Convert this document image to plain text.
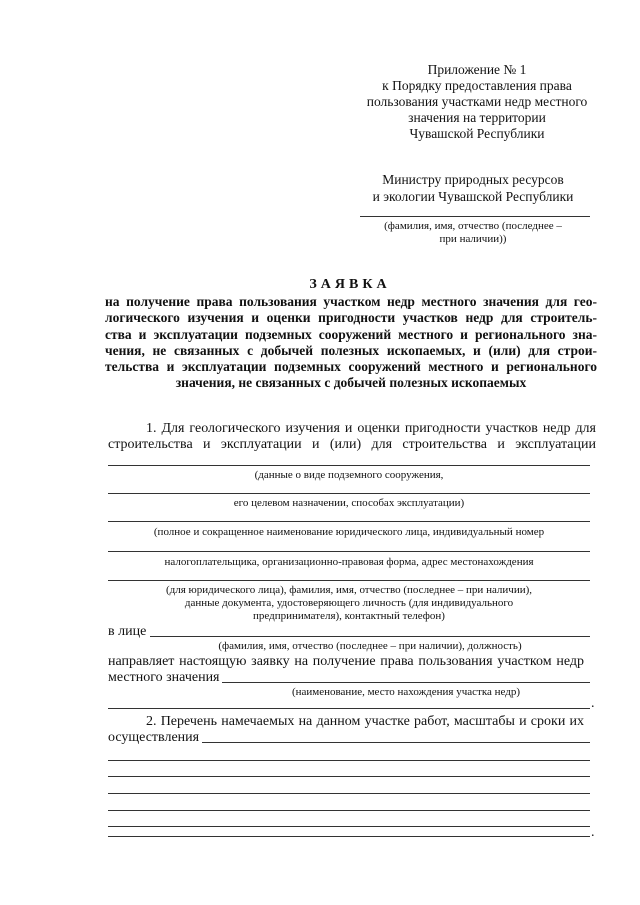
Приложение № 1
к Порядку предоставления права
пользования участками недр местного
значения на территории
Чувашской Республики
Министру природных ресурсов
и экологии Чувашской Республики
(фамилия, имя, отчество (последнее –
при наличии))
ЗАЯВКА
на получение права пользования участком недр местного значения для гео-
логического изучения и оценки пригодности участков недр для строитель-
ства и эксплуатации подземных сооружений местного и регионального зна-
чения, не связанных с добычей полезных ископаемых, и (или) для строи-
тельства и эксплуатации подземных сооружений местного и регионального
значения, не связанных с добычей полезных ископаемых
1. Для геологического изучения и оценки пригодности участков недр для
строительства и эксплуатации и (или) для строительства и эксплуатации
(данные о виде подземного сооружения,
его целевом назначении, способах эксплуатации)
(полное и сокращенное наименование юридического лица, индивидуальный номер
налогоплательщика, организационно-правовая форма, адрес местонахождения
(для юридического лица), фамилия, имя, отчество (последнее – при наличии),
данные документа, удостоверяющего личность (для индивидуального
предпринимателя), контактный телефон)
в лице
(фамилия, имя, отчество (последнее – при наличии), должность)
направляет настоящую заявку на получение права пользования участком недр
местного значения
(наименование, место нахождения участка недр)
.
2. Перечень намечаемых на данном участке работ, масштабы и сроки их
осуществления
.
